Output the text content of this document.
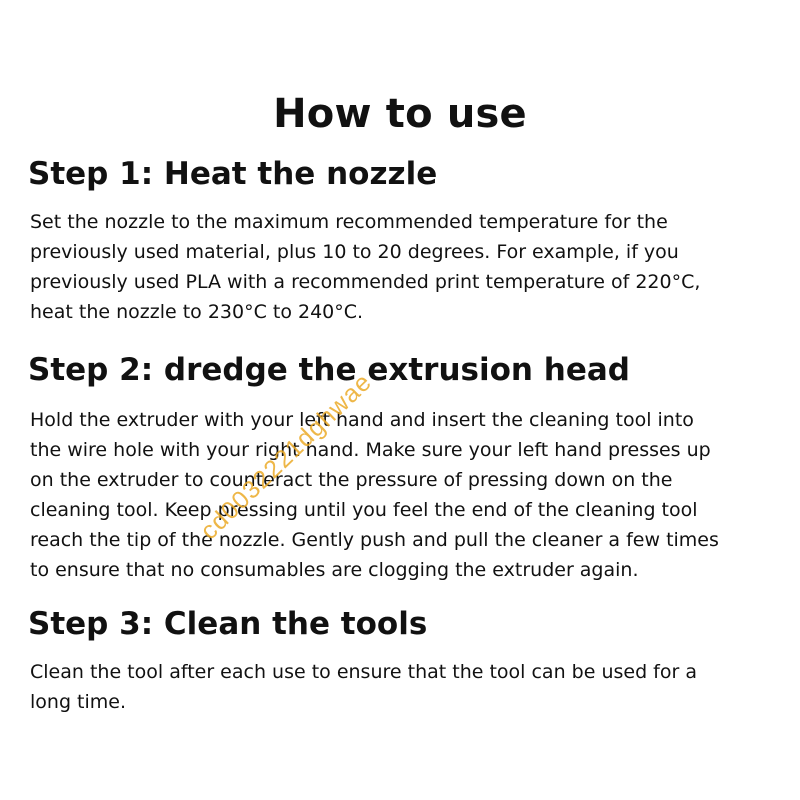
How to use
Step 1: Heat the nozzle
Set the nozzle to the maximum recommended temperature for the
previously used material, plus 10 to 20 degrees. For example, if you
previously used PLA with a recommended print temperature of 220°C,
heat the nozzle to 230°C to 240°C.
Step 2: dredge the extrusion head
Hold the extruder with your left hand and insert the cleaning tool into
the wire hole with your right hand. Make sure your left hand presses up
on the extruder to counteract the pressure of pressing down on the
cleaning tool. Keep pressing until you feel the end of the cleaning tool
reach the tip of the nozzle. Gently push and pull the cleaner a few times
to ensure that no consumables are clogging the extruder again.
Step 3: Clean the tools
Clean the tool after each use to ensure that the tool can be used for a
long time.
cd0032221dghwae
